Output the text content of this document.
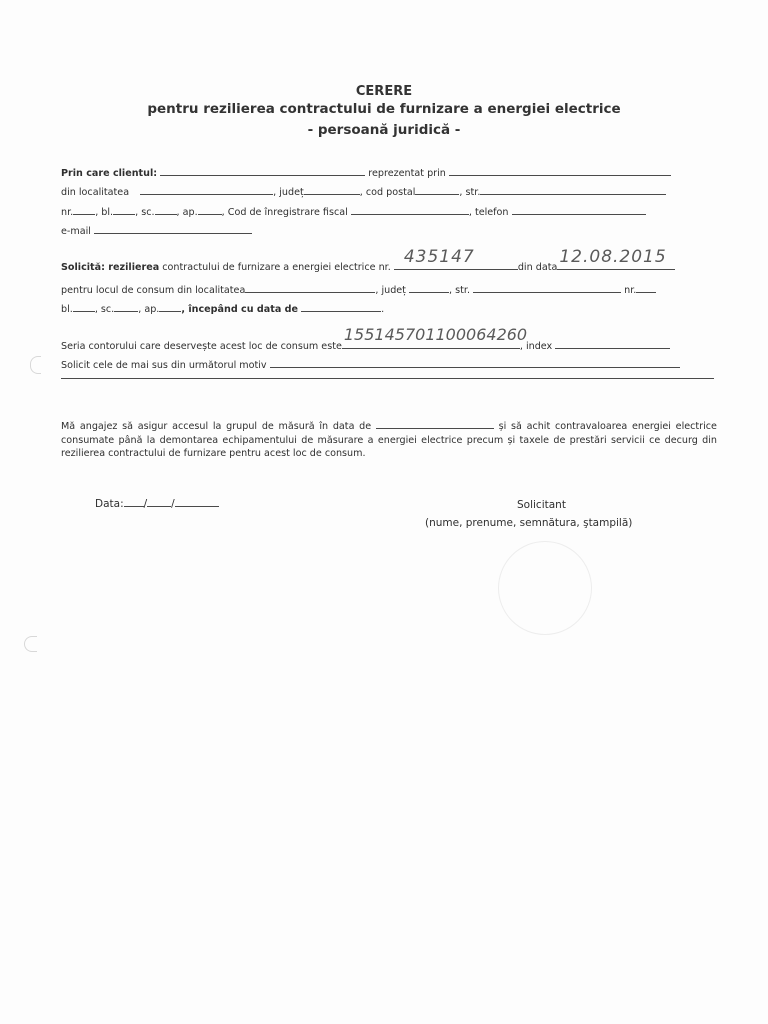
CERERE
pentru rezilierea contractului de furnizare a energiei electrice
- persoană juridică -
Prin care clientul:	reprezentat prin
din localitatea	, județ	, cod postal	, str.
nr. , bl. , sc. , ap.	, Cod de înregistrare fiscal	, telefon
e-mail
Solicită: rezilierea contractului de furnizare a energiei electrice nr.
435147
din data
12.08.2015
pentru locul de consum din localitatea	, județ	, str.	nr.
bl. , sc.	, ap. , începând cu data de	.
Seria contorului care deservește acest loc de consum este
155145701100064260
, index
Solicit cele de mai sus din următorul motiv
Mă angajez să asigur accesul la grupul de măsură în data de	și să achit contravaloarea energiei electrice consumate până la demontarea echipamentului de măsurare a energiei electrice precum și taxele de prestări servicii ce decurg din rezilierea contractului de furnizare pentru acest loc de consum.
Data: / /	Solicitant
(nume, prenume, semnătura, ştampilă)
